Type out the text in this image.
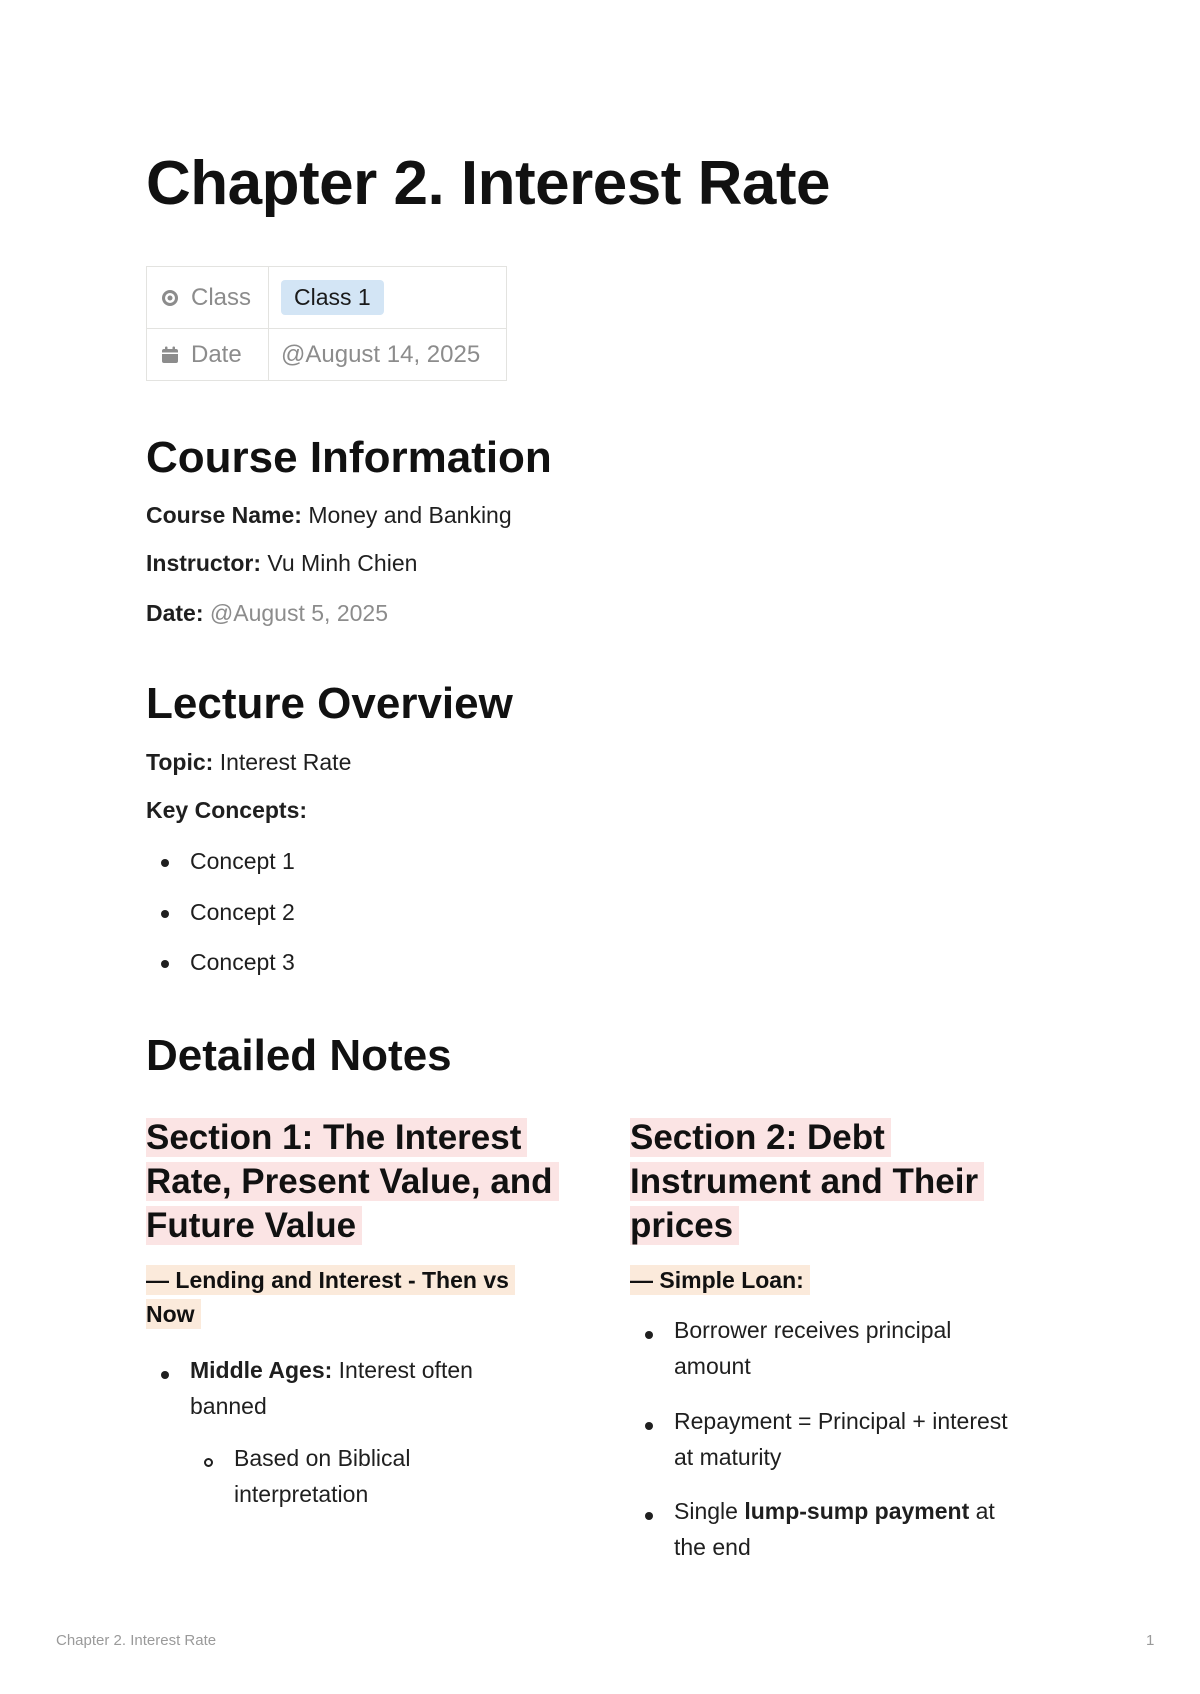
Chapter 2. Interest Rate
Class	Class 1
Date	@August 14, 2025
Course Information
Course Name: Money and Banking
Instructor: Vu Minh Chien
Date: @August 5, 2025
Lecture Overview
Topic: Interest Rate
Key Concepts:
Concept 1
Concept 2
Concept 3
Detailed Notes
Section 1: The Interest
Rate, Present Value, and
Future Value
— Lending and Interest - Then vs
Now
Middle Ages: Interest often
banned
Based on Biblical
interpretation
Section 2: Debt
Instrument and Their
prices
— Simple Loan:
Borrower receives principal
amount
Repayment = Principal + interest
at maturity
Single lump-sump payment at
the end
Chapter 2. Interest Rate	1
